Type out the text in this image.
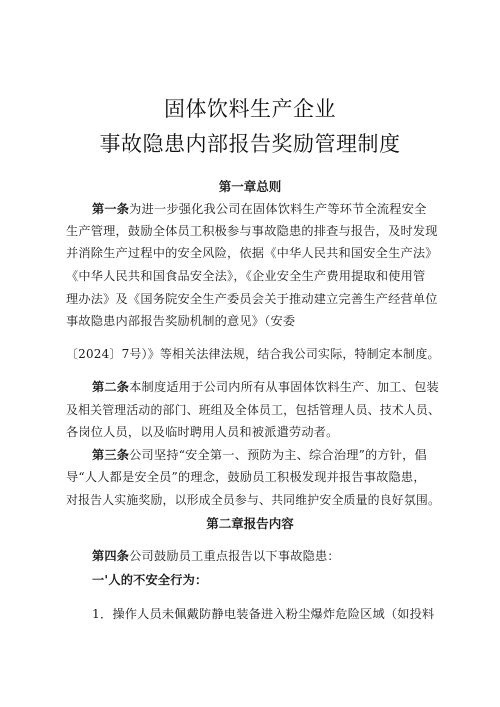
固体饮料生产企业
事故隐患内部报告奖励管理制度
第一章总则
第一条为进一步强化我公司在固体饮料生产等环节全流程安全
生产管理，鼓励全体员工积极参与事故隐患的排查与报告，及时发现
并消除生产过程中的安全风险，依据《中华人民共和国安全生产法》
《中华人民共和国食品安全法》，《企业安全生产费用提取和使用管
理办法》及《国务院安全生产委员会关于推动建立完善生产经营单位
事故隐患内部报告奖励机制的意见》（安委
〔2024〕7号）》等相关法律法规，结合我公司实际，特制定本制度。
第二条本制度适用于公司内所有从事固体饮料生产、加工、包装
及相关管理活动的部门、班组及全体员工，包括管理人员、技术人员、
各岗位人员，以及临时聘用人员和被派遣劳动者。
第三条公司坚持“安全第一、预防为主、综合治理”的方针，倡
导“人人都是安全员”的理念，鼓励员工积极发现并报告事故隐患，
对报告人实施奖励，以形成全员参与、共同维护安全质量的良好氛围。
第二章报告内容
第四条公司鼓励员工重点报告以下事故隐患：
一'人的不安全行为：
1．操作人员未佩戴防静电装备进入粉尘爆炸危险区域（如投料
